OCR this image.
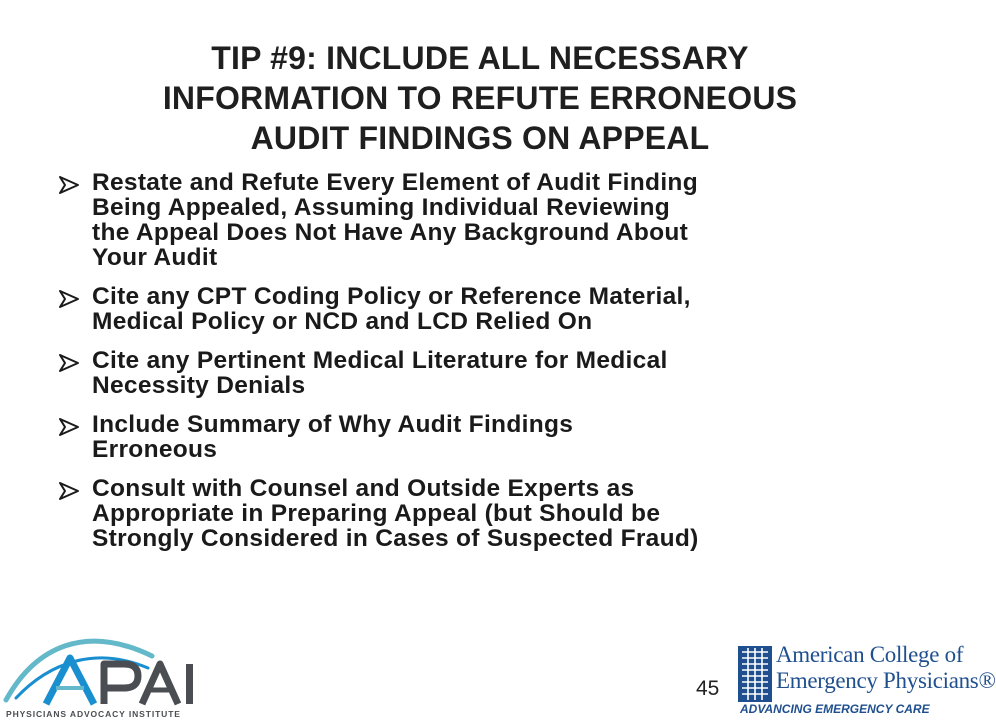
TIP #9: INCLUDE ALL NECESSARY
INFORMATION TO REFUTE ERRONEOUS
AUDIT FINDINGS ON APPEAL
Restate and Refute Every Element of Audit Finding
Being Appealed, Assuming Individual Reviewing
the Appeal Does Not Have Any Background About
Your Audit
Cite any CPT Coding Policy or Reference Material,
Medical Policy or NCD and LCD Relied On
Cite any Pertinent Medical Literature for Medical
Necessity Denials
Include Summary of Why Audit Findings
Erroneous
Consult with Counsel and Outside Experts as
Appropriate in Preparing Appeal (but Should be
Strongly Considered in Cases of Suspected Fraud)
PHYSICIANS ADVOCACY INSTITUTE
45
American College of
Emergency Physicians®
ADVANCING EMERGENCY CARE
